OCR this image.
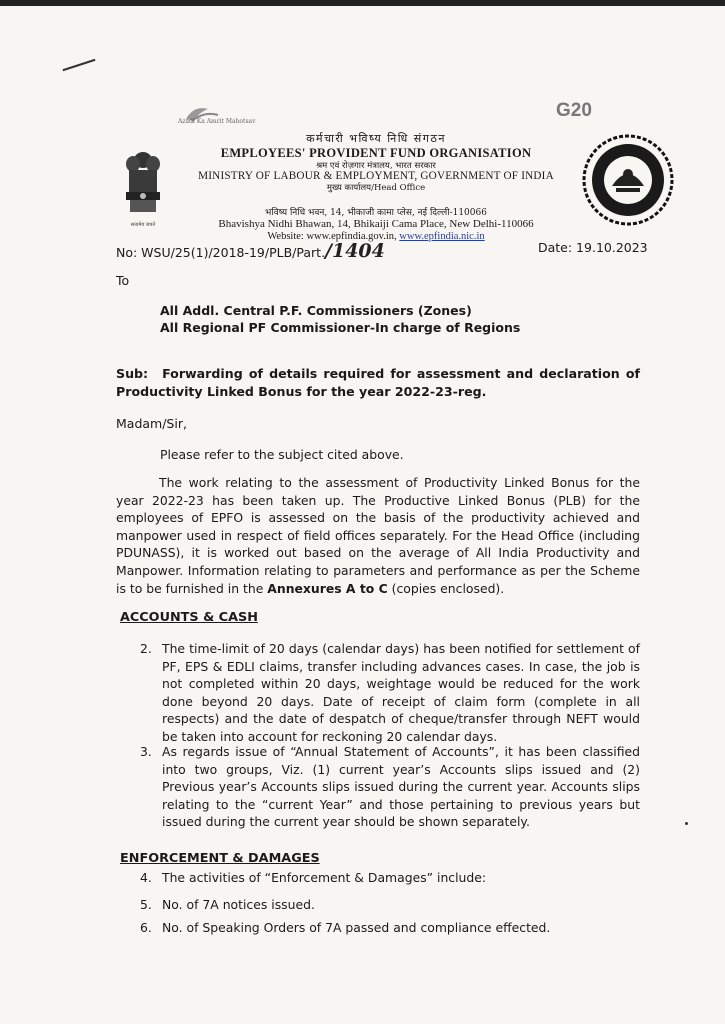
Azadi Ka Amrit Mahotsav
G20
सत्यमेव जयते
कर्मचारी भविष्य निधि संगठन
EMPLOYEES' PROVIDENT FUND ORGANISATION
श्रम एवं रोज़गार मंत्रालय, भारत सरकार
MINISTRY OF LABOUR & EMPLOYMENT, GOVERNMENT OF INDIA
मुख्य कार्यालय/Head Office
भविष्य निधि भवन, 14, भीकाजी कामा प्लेस, नई दिल्ली-110066
Bhavishya Nidhi Bhawan, 14, Bhikaiji Cama Place, New Delhi-110066
Website: www.epfindia.gov.in, www.epfindia.nic.in
No: WSU/25(1)/2018-19/PLB/Part./1404	Date: 19.10.2023
To
All Addl. Central P.F. Commissioners (Zones)
All Regional PF Commissioner-In charge of Regions
Sub: Forwarding of details required for assessment and declaration of Productivity Linked Bonus for the year 2022-23-reg.
Madam/Sir,
Please refer to the subject cited above.
The work relating to the assessment of Productivity Linked Bonus for the year 2022-23 has been taken up. The Productive Linked Bonus (PLB) for the employees of EPFO is assessed on the basis of the productivity achieved and manpower used in respect of field offices separately. For the Head Office (including PDUNASS), it is worked out based on the average of All India Productivity and Manpower. Information relating to parameters and performance as per the Scheme is to be furnished in the Annexures A to C (copies enclosed).
ACCOUNTS & CASH
2. The time-limit of 20 days (calendar days) has been notified for settlement of PF, EPS & EDLI claims, transfer including advances cases. In case, the job is not completed within 20 days, weightage would be reduced for the work done beyond 20 days. Date of receipt of claim form (complete in all respects) and the date of despatch of cheque/transfer through NEFT would be taken into account for reckoning 20 calendar days.
3. As regards issue of “Annual Statement of Accounts”, it has been classified into two groups, Viz. (1) current year’s Accounts slips issued and (2) Previous year’s Accounts slips issued during the current year. Accounts slips relating to the “current Year” and those pertaining to previous years but issued during the current year should be shown separately.
ENFORCEMENT & DAMAGES
4. The activities of “Enforcement & Damages” include:
5. No. of 7A notices issued.
6. No. of Speaking Orders of 7A passed and compliance effected.
